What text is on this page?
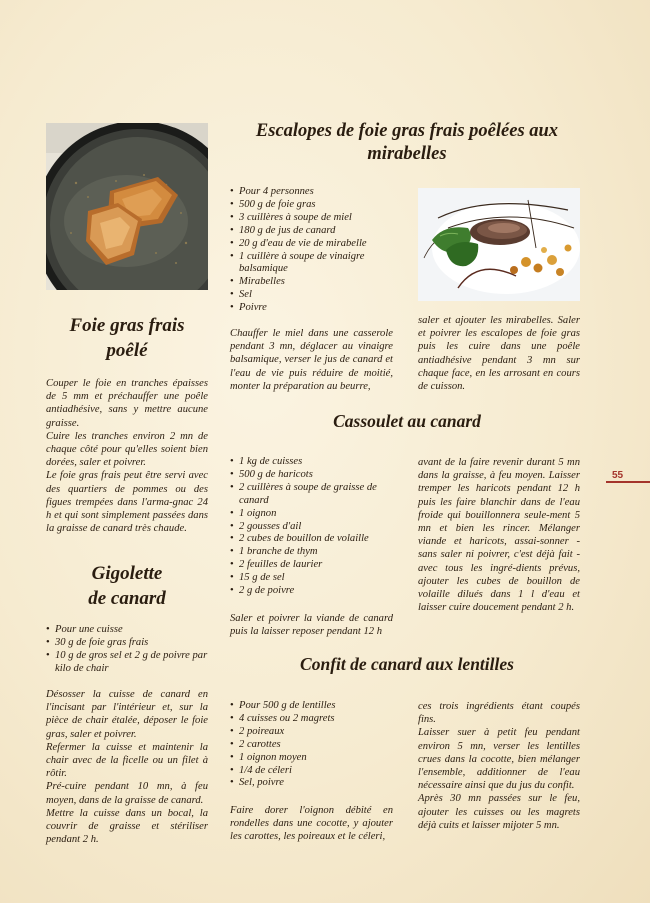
Escalopes de foie gras frais poêlées aux
mirabelles
• Pour 4 personnes
• 500 g de foie gras
• 3 cuillères à soupe de miel
• 180 g de jus de canard
• 20 g d'eau de vie de mirabelle
• 1 cuillère à soupe de vinaigre balsamique
• Mirabelles
• Sel
• Poivre
Chauffer le miel dans une casserole pendant 3 mn, déglacer au vinaigre balsamique, verser le jus de canard et l'eau de vie puis réduire de moitié, monter la préparation au beurre,
saler et ajouter les mirabelles. Saler et poivrer les escalopes de foie gras puis les cuire dans une poêle antiadhésive pendant 3 mn sur chaque face, en les arrosant en cours de cuisson.
Foie gras frais
poêlé
Couper le foie en tranches épaisses de 5 mm et préchauffer une poêle antiadhésive, sans y mettre aucune graisse.
Cuire les tranches environ 2 mn de chaque côté pour qu'elles soient bien dorées, saler et poivrer.
Le foie gras frais peut être servi avec des quartiers de pommes ou des figues trempées dans l'arma-gnac 24 h et qui sont simplement passées dans la graisse de canard très chaude.
Gigolette
de canard
• Pour une cuisse
• 30 g de foie gras frais
• 10 g de gros sel et 2 g de poivre par kilo de chair
Désosser la cuisse de canard en l'incisant par l'intérieur et, sur la pièce de chair étalée, déposer le foie gras, saler et poivrer.
Refermer la cuisse et maintenir la chair avec de la ficelle ou un filet à rôtir.
Pré-cuire pendant 10 mn, à feu moyen, dans de la graisse de canard.
Mettre la cuisse dans un bocal, la couvrir de graisse et stériliser pendant 2 h.
Cassoulet au canard
• 1 kg de cuisses
• 500 g de haricots
• 2 cuillères à soupe de graisse de canard
• 1 oignon
• 2 gousses d'ail
• 2 cubes de bouillon de volaille
• 1 branche de thym
• 2 feuilles de laurier
• 15 g de sel
• 2 g de poivre
Saler et poivrer la viande de canard puis la laisser reposer pendant 12 h
avant de la faire revenir durant 5 mn dans la graisse, à feu moyen. Laisser tremper les haricots pendant 12 h puis les faire blanchir dans de l'eau froide qui bouillonnera seule-ment 5 mn et bien les rincer. Mélanger viande et haricots, assai-sonner - sans saler ni poivrer, c'est déjà fait - avec tous les ingré-dients prévus, ajouter les cubes de bouillon de volaille dilués dans 1 l d'eau et laisser cuire doucement pendant 2 h.
55
Confit de canard aux lentilles
• Pour 500 g de lentilles
• 4 cuisses ou 2 magrets
• 2 poireaux
• 2 carottes
• 1 oignon moyen
• 1/4 de céleri
• Sel, poivre
Faire dorer l'oignon débité en rondelles dans une cocotte, y ajouter les carottes, les poireaux et le céleri,
ces trois ingrédients étant coupés fins.
Laisser suer à petit feu pendant environ 5 mn, verser les lentilles crues dans la cocotte, bien mélanger l'ensemble, additionner de l'eau nécessaire ainsi que du jus du confit.
Après 30 mn passées sur le feu, ajouter les cuisses ou les magrets déjà cuits et laisser mijoter 5 mn.
